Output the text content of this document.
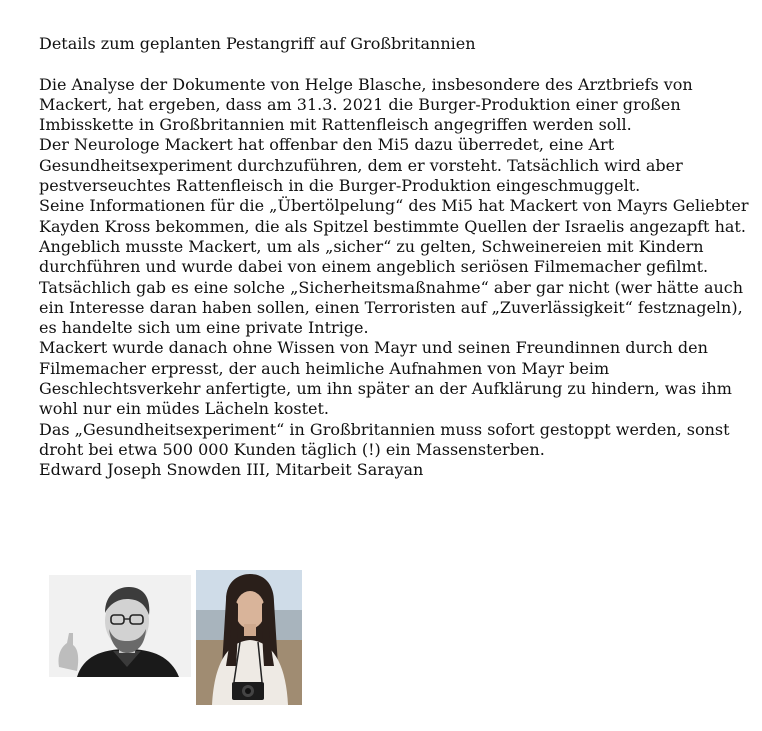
Details zum geplanten Pestangriff auf Großbritannien

Die Analyse der Dokumente von Helge Blasche, insbesondere des Arztbriefs von Mackert, hat ergeben, dass am 31.3. 2021 die Burger-Produktion einer großen Imbisskette in Großbritannien mit Rattenfleisch angegriffen werden soll.

Der Neurologe Mackert hat offenbar den Mi5 dazu überredet, eine Art Gesundheitsexperiment durchzuführen, dem er vorsteht. Tatsächlich wird aber pestverseuchtes Rattenfleisch in die Burger-Produktion eingeschmuggelt.

Seine Informationen für die „Übertölpelung“ des Mi5 hat Mackert von Mayrs Geliebter Kayden Kross bekommen, die als Spitzel bestimmte Quellen der Israelis angezapft hat.

Angeblich musste Mackert, um als „sicher“ zu gelten, Schweinereien mit Kindern durchführen und wurde dabei von einem angeblich seriösen Filmemacher gefilmt. Tatsächlich gab es eine solche „Sicherheitsmaßnahme“ aber gar nicht (wer hätte auch ein Interesse daran haben sollen, einen Terroristen auf „Zuverlässigkeit“ festznageln), es handelte sich um eine private Intrige.

Mackert wurde danach ohne Wissen von Mayr und seinen Freundinnen durch den Filmemacher erpresst, der auch heimliche Aufnahmen von Mayr beim Geschlechtsverkehr anfertigte, um ihn später an der Aufklärung zu hindern, was ihm wohl nur ein müdes Lächeln kostet.

Das „Gesundheitsexperiment“ in Großbritannien muss sofort gestoppt werden, sonst droht bei etwa 500 000 Kunden täglich (!) ein Massensterben.

Edward Joseph Snowden III, Mitarbeit Sarayan
